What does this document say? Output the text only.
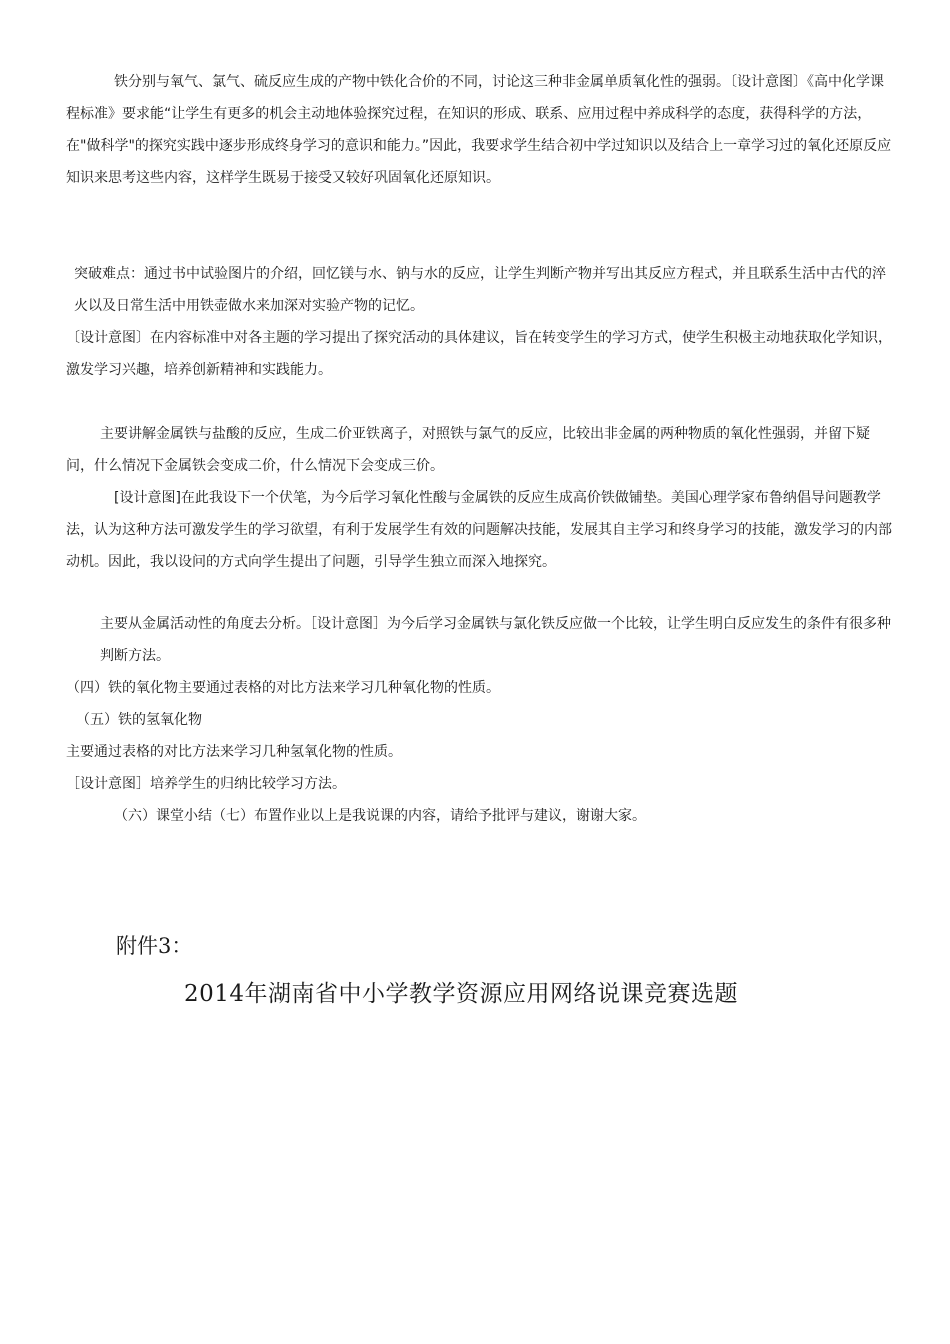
铁分别与氧气、氯气、硫反应生成的产物中铁化合价的不同，讨论这三种非金属单质氧化性的强弱。〔设计意图〕《高中化学课程标准》要求能“让学生有更多的机会主动地体验探究过程，在知识的形成、联系、应用过程中养成科学的态度，获得科学的方法，在"做科学"的探究实践中逐步形成终身学习的意识和能力。”因此，我要求学生结合初中学过知识以及结合上一章学习过的氧化还原反应知识来思考这些内容，这样学生既易于接受又较好巩固氧化还原知识。

突破难点：通过书中试验图片的介绍，回忆镁与水、钠与水的反应，让学生判断产物并写出其反应方程式，并且联系生活中古代的淬火以及日常生活中用铁壶做水来加深对实验产物的记忆。

〔设计意图〕在内容标准中对各主题的学习提出了探究活动的具体建议，旨在转变学生的学习方式，使学生积极主动地获取化学知识，激发学习兴趣，培养创新精神和实践能力。

主要讲解金属铁与盐酸的反应，生成二价亚铁离子，对照铁与氯气的反应，比较出非金属的两种物质的氧化性强弱，并留下疑问，什么情况下金属铁会变成二价，什么情况下会变成三价。

[设计意图]在此我设下一个伏笔，为今后学习氧化性酸与金属铁的反应生成高价铁做铺垫。美国心理学家布鲁纳倡导问题教学法，认为这种方法可激发学生的学习欲望，有利于发展学生有效的问题解决技能，发展其自主学习和终身学习的技能，激发学习的内部动机。因此，我以设问的方式向学生提出了问题，引导学生独立而深入地探究。

主要从金属活动性的角度去分析。［设计意图］为今后学习金属铁与氯化铁反应做一个比较，让学生明白反应发生的条件有很多种判断方法。

（四）铁的氧化物主要通过表格的对比方法来学习几种氧化物的性质。

（五）铁的氢氧化物

主要通过表格的对比方法来学习几种氢氧化物的性质。

［设计意图］培养学生的归纳比较学习方法。

（六）课堂小结（七）布置作业以上是我说课的内容，请给予批评与建议，谢谢大家。

附件3：

2014年湖南省中小学教学资源应用网络说课竞赛选题
